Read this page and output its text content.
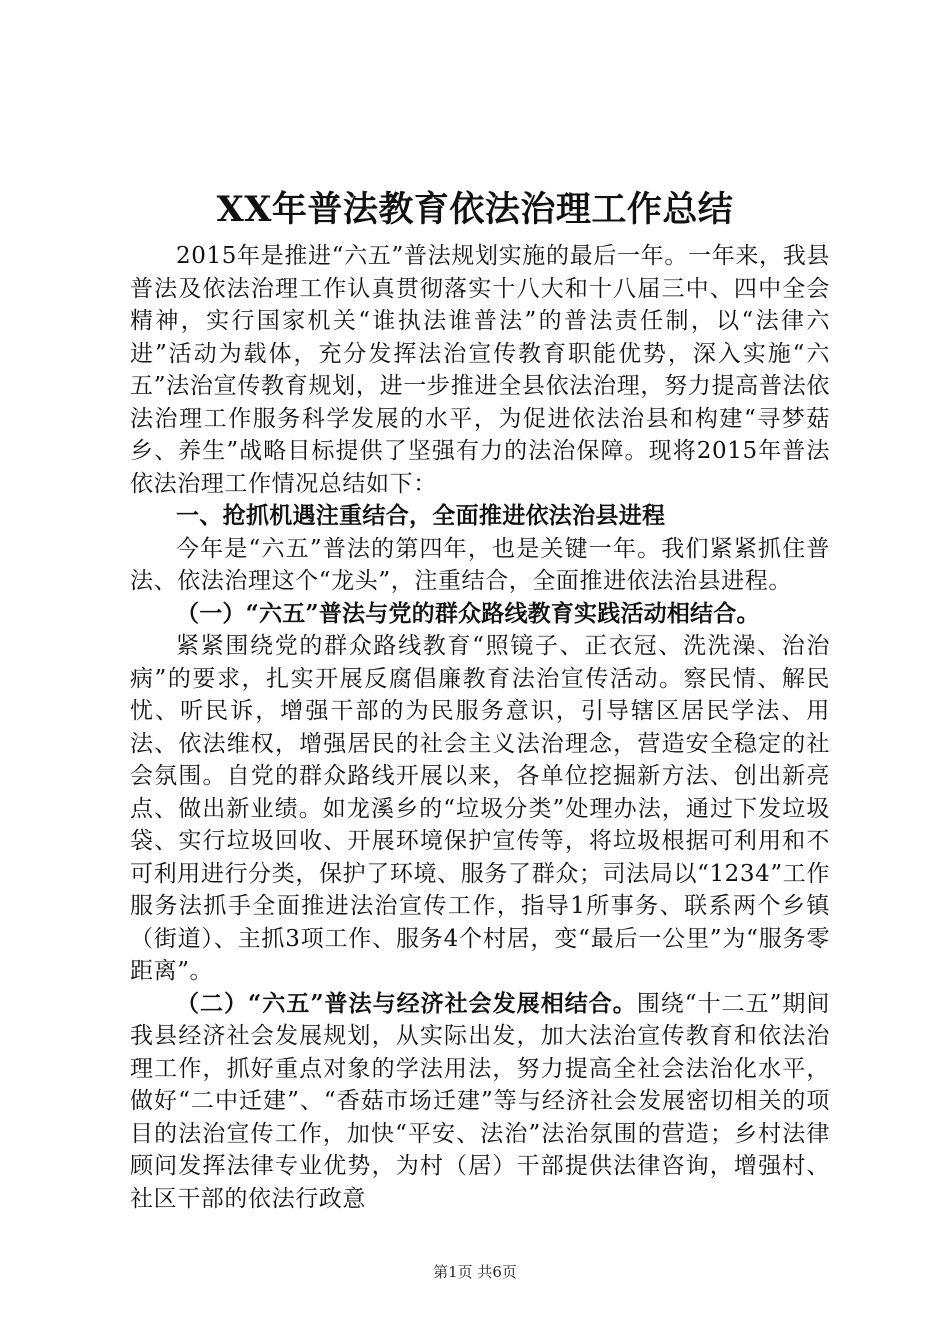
XX年普法教育依法治理工作总结

2015年是推进“六五”普法规划实施的最后一年。一年来，我县普法及依法治理工作认真贯彻落实十八大和十八届三中、四中全会精神，实行国家机关“谁执法谁普法”的普法责任制，以“法律六进”活动为载体，充分发挥法治宣传教育职能优势，深入实施“六五”法治宣传教育规划，进一步推进全县依法治理，努力提高普法依法治理工作服务科学发展的水平，为促进依法治县和构建“寻梦菇乡、养生”战略目标提供了坚强有力的法治保障。现将2015年普法依法治理工作情况总结如下：

一、抢抓机遇注重结合，全面推进依法治县进程

今年是“六五”普法的第四年，也是关键一年。我们紧紧抓住普法、依法治理这个“龙头”，注重结合，全面推进依法治县进程。

（一）“六五”普法与党的群众路线教育实践活动相结合。

紧紧围绕党的群众路线教育“照镜子、正衣冠、洗洗澡、治治病”的要求，扎实开展反腐倡廉教育法治宣传活动。察民情、解民忧、听民诉，增强干部的为民服务意识，引导辖区居民学法、用法、依法维权，增强居民的社会主义法治理念，营造安全稳定的社会氛围。自党的群众路线开展以来，各单位挖掘新方法、创出新亮点、做出新业绩。如龙溪乡的“垃圾分类”处理办法，通过下发垃圾袋、实行垃圾回收、开展环境保护宣传等，将垃圾根据可利用和不可利用进行分类，保护了环境、服务了群众；司法局以“1234”工作服务法抓手全面推进法治宣传工作，指导1所事务、联系两个乡镇（街道）、主抓3项工作、服务4个村居，变“最后一公里”为“服务零距离”。

（二）“六五”普法与经济社会发展相结合。围绕“十二五”期间我县经济社会发展规划，从实际出发，加大法治宣传教育和依法治理工作，抓好重点对象的学法用法，努力提高全社会法治化水平，做好“二中迁建”、“香菇市场迁建”等与经济社会发展密切相关的项目的法治宣传工作，加快“平安、法治”法治氛围的营造；乡村法律顾问发挥法律专业优势，为村（居）干部提供法律咨询，增强村、社区干部的依法行政意

第1页 共6页
